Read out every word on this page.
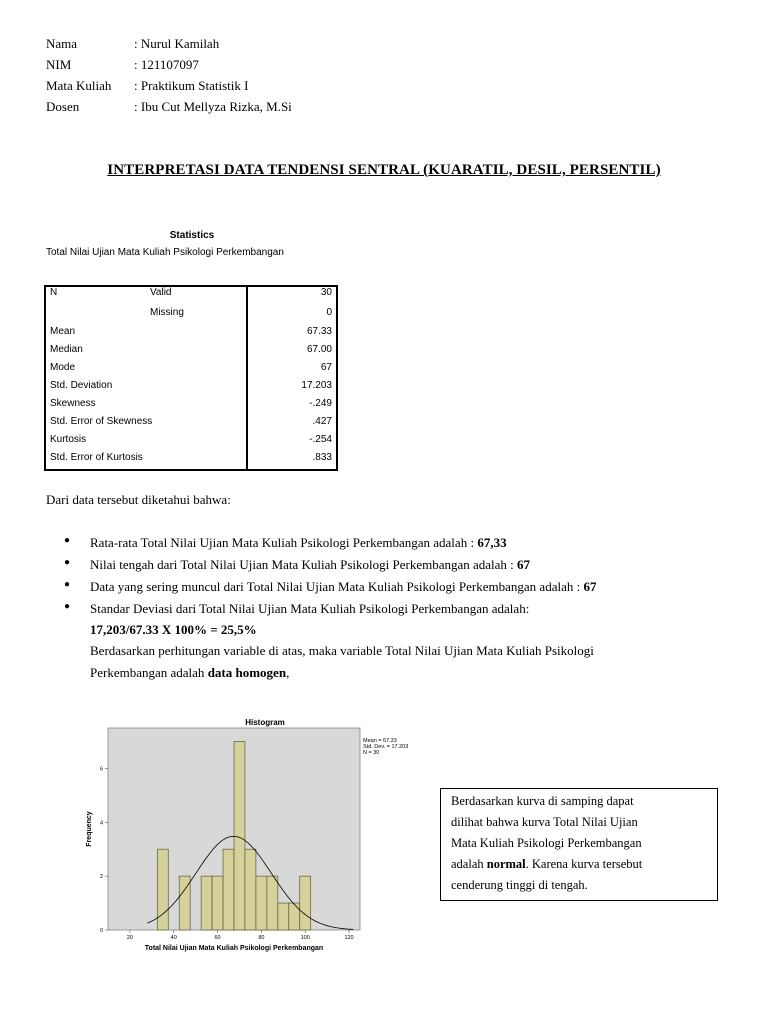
Nama	: Nurul Kamilah
NIM	: 121107097
Mata Kuliah : Praktikum Statistik I
Dosen	: Ibu Cut Mellyza Rizka, M.Si
INTERPRETASI DATA TENDENSI SENTRAL (KUARATIL, DESIL, PERSENTIL)
Statistics
Total Nilai Ujian Mata Kuliah Psikologi Perkembangan
N	Valid	30
Missing	0
Mean	67.33
Median	67.00
Mode	67
Std. Deviation	17.203
Skewness	-.249
Std. Error of Skewness	.427
Kurtosis	-.254
Std. Error of Kurtosis	.833
Dari data tersebut diketahui bahwa:
● Rata-rata Total Nilai Ujian Mata Kuliah Psikologi Perkembangan adalah : 67,33
● Nilai tengah dari Total Nilai Ujian Mata Kuliah Psikologi Perkembangan adalah : 67
● Data yang sering muncul dari Total Nilai Ujian Mata Kuliah Psikologi Perkembangan adalah : 67
● Standar Deviasi dari Total Nilai Ujian Mata Kuliah Psikologi Perkembangan adalah:
17,203/67.33 X 100% = 25,5%
Berdasarkan perhitungan variable di atas, maka variable Total Nilai Ujian Mata Kuliah Psikologi
Perkembangan adalah data homogen,
Histogram
20	40	60	80	100	120
0
2
4
6
Mean = 67.33
Std. Dev. = 17.203
N = 30
Total Nilai Ujian Mata Kuliah Psikologi Perkembangan
Frequency
Berdasarkan kurva di samping dapat
dilihat bahwa kurva Total Nilai Ujian
Mata Kuliah Psikologi Perkembangan
adalah normal. Karena kurva tersebut
cenderung tinggi di tengah.
